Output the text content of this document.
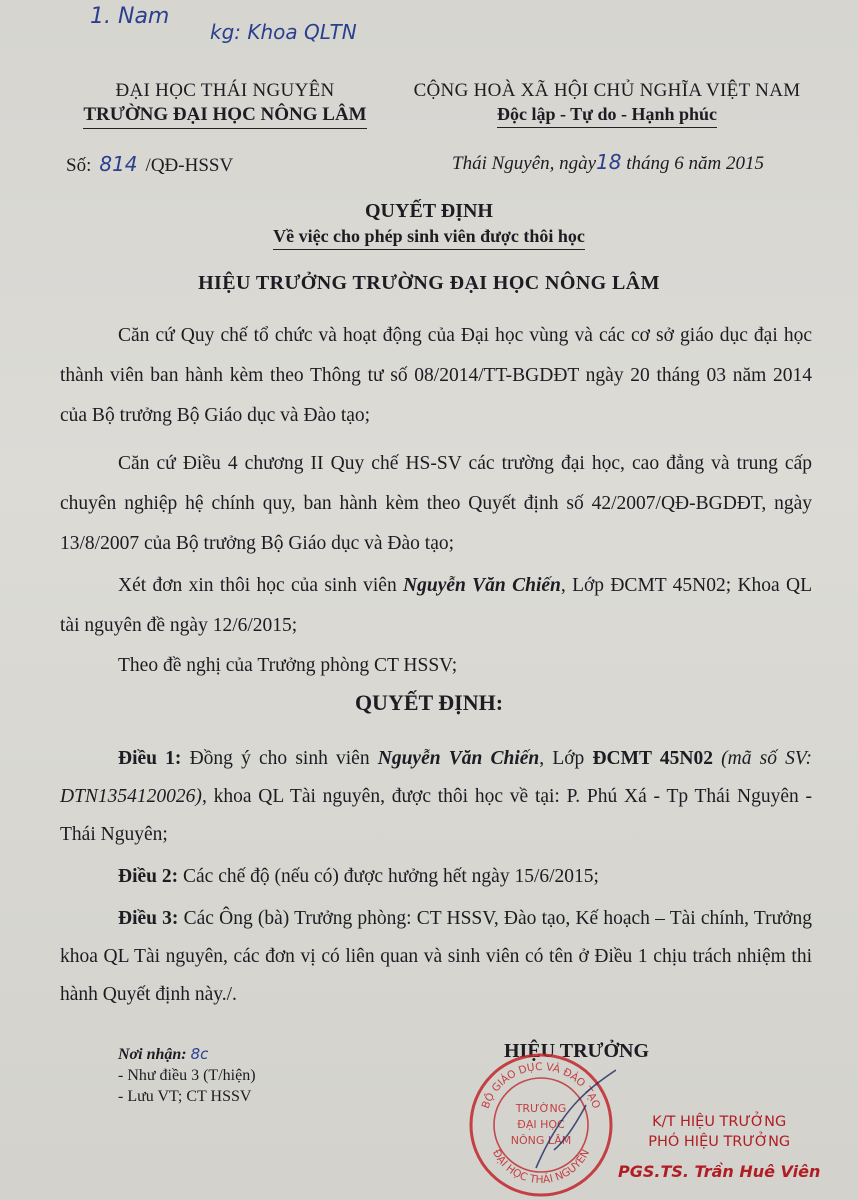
1. Nam
kg: Khoa QLTN
ĐẠI HỌC THÁI NGUYÊN
TRƯỜNG ĐẠI HỌC NÔNG LÂM
CỘNG HOÀ XÃ HỘI CHỦ NGHĨA VIỆT NAM
Độc lập - Tự do - Hạnh phúc
Số: 814 /QĐ-HSSV	Thái Nguyên, ngày18 tháng 6 năm 2015
QUYẾT ĐỊNH
Về việc cho phép sinh viên được thôi học
HIỆU TRƯỞNG TRƯỜNG ĐẠI HỌC NÔNG LÂM

Căn cứ Quy chế tổ chức và hoạt động của Đại học vùng và các cơ sở giáo dục đại học thành viên ban hành kèm theo Thông tư số 08/2014/TT-BGDĐT ngày 20 tháng 03 năm 2014 của Bộ trưởng Bộ Giáo dục và Đào tạo;

Căn cứ Điều 4 chương II Quy chế HS-SV các trường đại học, cao đẳng và trung cấp chuyên nghiệp hệ chính quy, ban hành kèm theo Quyết định số 42/2007/QĐ-BGDĐT, ngày 13/8/2007 của Bộ trưởng Bộ Giáo dục và Đào tạo;

Xét đơn xin thôi học của sinh viên Nguyễn Văn Chiến, Lớp ĐCMT 45N02; Khoa QL tài nguyên đề ngày 12/6/2015;

Theo đề nghị của Trưởng phòng CT HSSV;

QUYẾT ĐỊNH:

Điều 1: Đồng ý cho sinh viên Nguyễn Văn Chiến, Lớp ĐCMT 45N02 (mã số SV: DTN1354120026), khoa QL Tài nguyên, được thôi học về tại: P. Phú Xá - Tp Thái Nguyên - Thái Nguyên;

Điều 2: Các chế độ (nếu có) được hưởng hết ngày 15/6/2015;

Điều 3: Các Ông (bà) Trưởng phòng: CT HSSV, Đào tạo, Kế hoạch – Tài chính, Trưởng khoa QL Tài nguyên, các đơn vị có liên quan và sinh viên có tên ở Điều 1 chịu trách nhiệm thi hành Quyết định này./.

Nơi nhận: 8c
- Như điều 3 (T/hiện)
- Lưu VT; CT HSSV
HIỆU TRƯỞNG
BỘ GIÁO DỤC VÀ ĐÀO TẠO
ĐẠI HỌC THÁI NGUYÊN
TRƯỜNG
ĐẠI HỌC
NÔNG LÂM
K/T HIỆU TRƯỞNG
PHÓ HIỆU TRƯỞNG
PGS.TS. Trần Huê Viên
